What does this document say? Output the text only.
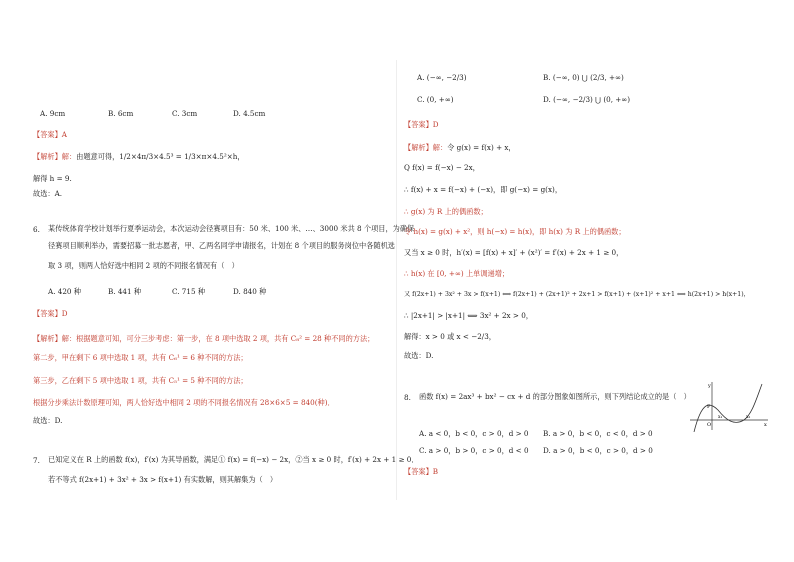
A. 9cm	B. 6cm	C. 3cm	D. 4.5cm
【答案】A
【解析】解：由题意可得，1/2×4π/3×4.5³ = 1/3×π×4.5²×h，
解得 h = 9.
故选：A.
6. 某传统体育学校计划举行夏季运动会，本次运动会径赛项目有：50 米、100 米、…、3000 米共 8 个项目，为确保
径赛项目顺利举办，需要招募一批志愿者，甲、乙两名同学申请报名，计划在 8 个项目的服务岗位中各随机选
取 3 项，则两人恰好选中相同 2 项的不同报名情况有（　）
A. 420 种	B. 441 种	C. 715 种	D. 840 种
【答案】D
【解析】解：根据题意可知，可分三步考虑：第一步，在 8 项中选取 2 项，共有 C₈² = 28 种不同的方法；
第二步，甲在剩下 6 项中选取 1 项，共有 C₆¹ = 6 种不同的方法；
第三步，乙在剩下 5 项中选取 1 项，共有 C₅¹ = 5 种不同的方法；
根据分步乘法计数原理可知，两人恰好选中相同 2 项的不同报名情况有 28×6×5 = 840(种)．
故选：D.
7. 已知定义在 R 上的函数 f(x)，f′(x) 为其导函数，满足① f(x) = f(−x) − 2x，②当 x ≥ 0 时，f′(x) + 2x + 1 ≥ 0．
若不等式 f(2x+1) + 3x² + 3x > f(x+1) 有实数解，则其解集为（　）
A. (−∞, −2/3)	B. (−∞, 0) ⋃ (2/3, +∞)
C. (0, +∞)	D. (−∞, −2/3) ⋃ (0, +∞)
【答案】D
【解析】解：令 g(x) = f(x) + x，
Q f(x) = f(−x) − 2x，
∴ f(x) + x = f(−x) + (−x)，即 g(−x) = g(x)，
∴ g(x) 为 R 上的偶函数；
令 h(x) = g(x) + x²，则 h(−x) = h(x)，即 h(x) 为 R 上的偶函数；
又当 x ≥ 0 时，h′(x) = [f(x) + x]′ + (x²)′ = f′(x) + 2x + 1 ≥ 0，
∴ h(x) 在 [0, +∞) 上单调递增；
又 f(2x+1) + 3x² + 3x > f(x+1) ⟺ f(2x+1) + (2x+1)² + 2x+1 > f(x+1) + (x+1)² + x+1 ⟺ h(2x+1) > h(x+1)，
∴ |2x+1| > |x+1| ⟺ 3x² + 2x > 0，
解得：x > 0 或 x < −2/3，
故选：D.
8. 函数 f(x) = 2ax³ + bx² − cx + d 的部分图象如图所示，则下列结论成立的是（　）
A. a < 0，b < 0，c > 0，d > 0 B. a > 0，b < 0，c < 0，d > 0
C. a > 0，b > 0，c > 0，d < 0 D. a > 0，b < 0，c > 0，d > 0
【答案】B
y
x
O
P
x₁	x₂
